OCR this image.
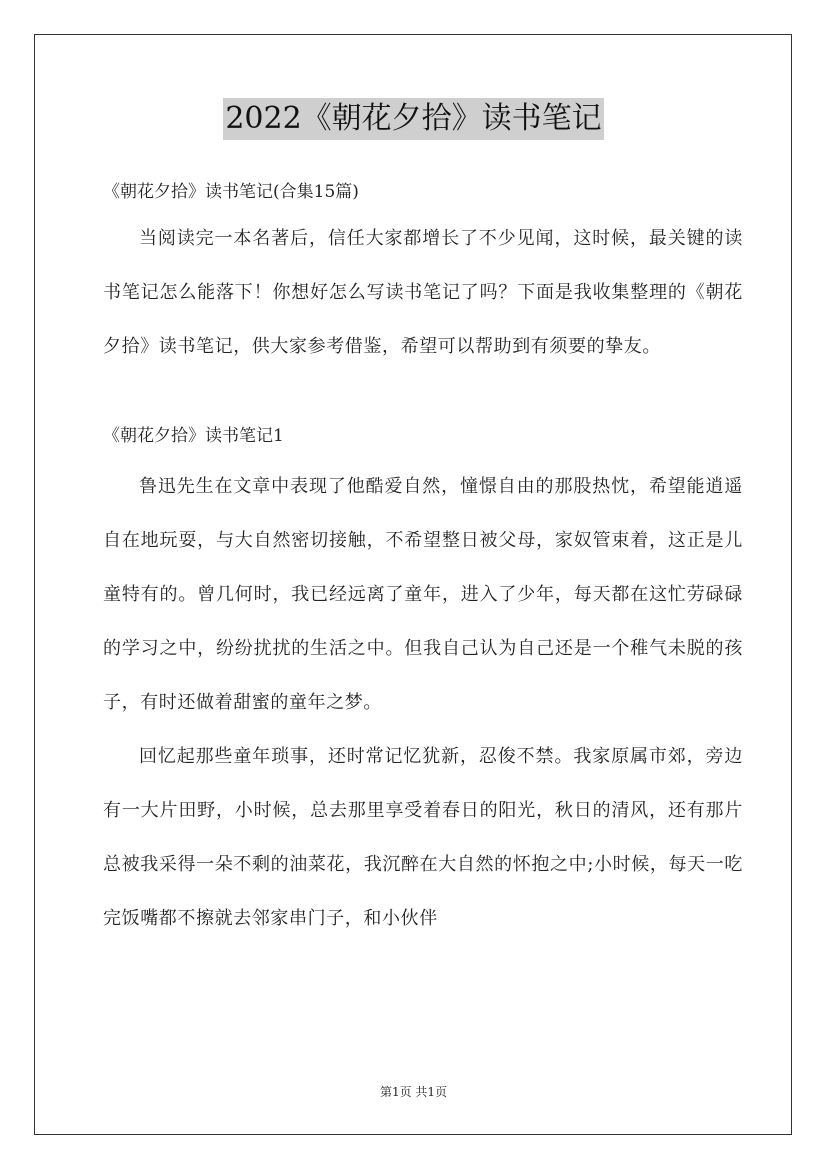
2022《朝花夕拾》读书笔记

《朝花夕拾》读书笔记(合集15篇)

当阅读完一本名著后，信任大家都增长了不少见闻，这时候，最关键的读书笔记怎么能落下！你想好怎么写读书笔记了吗？下面是我收集整理的《朝花夕拾》读书笔记，供大家参考借鉴，希望可以帮助到有须要的挚友。

《朝花夕拾》读书笔记1

鲁迅先生在文章中表现了他酷爱自然，憧憬自由的那股热忱，希望能逍遥自在地玩耍，与大自然密切接触，不希望整日被父母，家奴管束着，这正是儿童特有的。曾几何时，我已经远离了童年，进入了少年，每天都在这忙劳碌碌的学习之中，纷纷扰扰的生活之中。但我自己认为自己还是一个稚气未脱的孩子，有时还做着甜蜜的童年之梦。

回忆起那些童年琐事，还时常记忆犹新，忍俊不禁。我家原属市郊，旁边有一大片田野，小时候，总去那里享受着春日的阳光，秋日的清风，还有那片总被我采得一朵不剩的油菜花，我沉醉在大自然的怀抱之中;小时候，每天一吃完饭嘴都不擦就去邻家串门子，和小伙伴

第1页 共1页
